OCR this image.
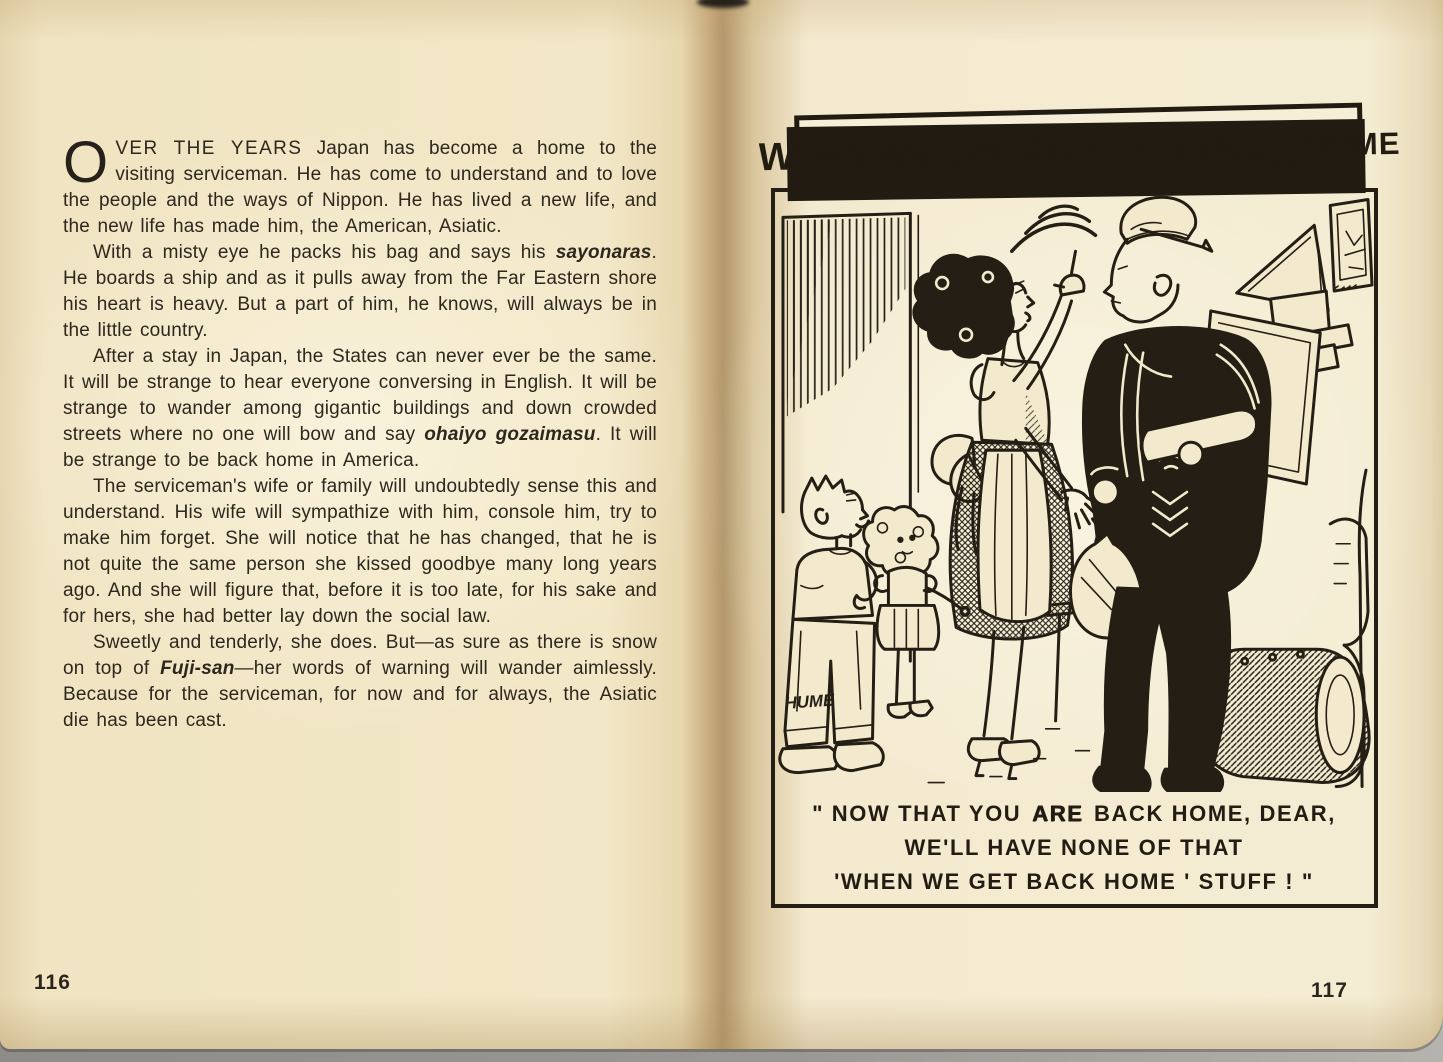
OVER THE YEARS Japan has become a home to the visiting serviceman. He has come to understand and to love the people and the ways of Nippon. He has lived a new life, and the new life has made him, the American, Asiatic.

With a misty eye he packs his bag and says his sayonaras. He boards a ship and as it pulls away from the Far Eastern shore his heart is heavy. But a part of him, he knows, will always be in the little country.

After a stay in Japan, the States can never ever be the same. It will be strange to hear everyone conversing in English. It will be strange to wander among gigantic buildings and down crowded streets where no one will bow and say ohaiyo gozaimasu. It will be strange to be back home in America.

The serviceman's wife or family will undoubtedly sense this and understand. His wife will sympathize with him, console him, try to make him forget. She will notice that he has changed, that he is not quite the same person she kissed goodbye many long years ago. And she will figure that, before it is too late, for his sake and for hers, she had better lay down the social law.

Sweetly and tenderly, she does. But—as sure as there is snow on top of Fuji-san—her words of warning will wander aimlessly. Because for the serviceman, for now and for always, the Asiatic die has been cast.

116
When We Get Back Home... by HUME
HUME
" NOW THAT YOU ARE BACK HOME, DEAR,
WE'LL HAVE NONE OF THAT
'WHEN WE GET BACK HOME ' STUFF ! "
117
